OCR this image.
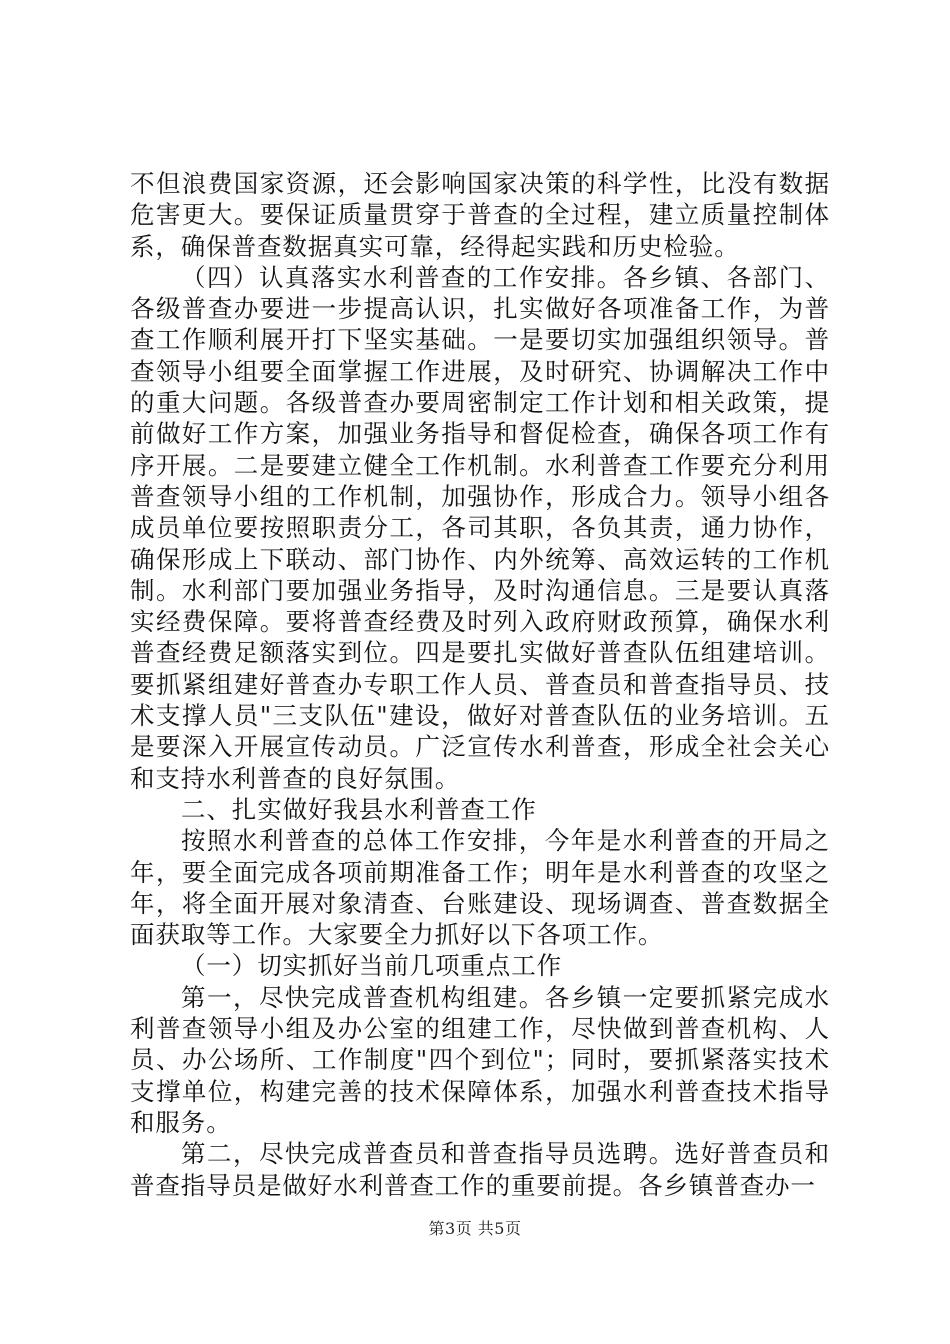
不但浪费国家资源，还会影响国家决策的科学性，比没有数据危害更大。要保证质量贯穿于普查的全过程，建立质量控制体系，确保普查数据真实可靠，经得起实践和历史检验。

（四）认真落实水利普查的工作安排。各乡镇、各部门、各级普查办要进一步提高认识，扎实做好各项准备工作，为普查工作顺利展开打下坚实基础。一是要切实加强组织领导。普查领导小组要全面掌握工作进展，及时研究、协调解决工作中的重大问题。各级普查办要周密制定工作计划和相关政策，提前做好工作方案，加强业务指导和督促检查，确保各项工作有序开展。二是要建立健全工作机制。水利普查工作要充分利用普查领导小组的工作机制，加强协作，形成合力。领导小组各成员单位要按照职责分工，各司其职，各负其责，通力协作，确保形成上下联动、部门协作、内外统筹、高效运转的工作机制。水利部门要加强业务指导，及时沟通信息。三是要认真落实经费保障。要将普查经费及时列入政府财政预算，确保水利普查经费足额落实到位。四是要扎实做好普查队伍组建培训。要抓紧组建好普查办专职工作人员、普查员和普查指导员、技术支撑人员"三支队伍"建设，做好对普查队伍的业务培训。五是要深入开展宣传动员。广泛宣传水利普查，形成全社会关心和支持水利普查的良好氛围。

二、扎实做好我县水利普查工作

按照水利普查的总体工作安排，今年是水利普查的开局之年，要全面完成各项前期准备工作；明年是水利普查的攻坚之年，将全面开展对象清查、台账建设、现场调查、普查数据全面获取等工作。大家要全力抓好以下各项工作。

（一）切实抓好当前几项重点工作

第一，尽快完成普查机构组建。各乡镇一定要抓紧完成水利普查领导小组及办公室的组建工作，尽快做到普查机构、人员、办公场所、工作制度"四个到位"；同时，要抓紧落实技术支撑单位，构建完善的技术保障体系，加强水利普查技术指导和服务。

第二，尽快完成普查员和普查指导员选聘。选好普查员和普查指导员是做好水利普查工作的重要前提。各乡镇普查办一

第3页 共5页
